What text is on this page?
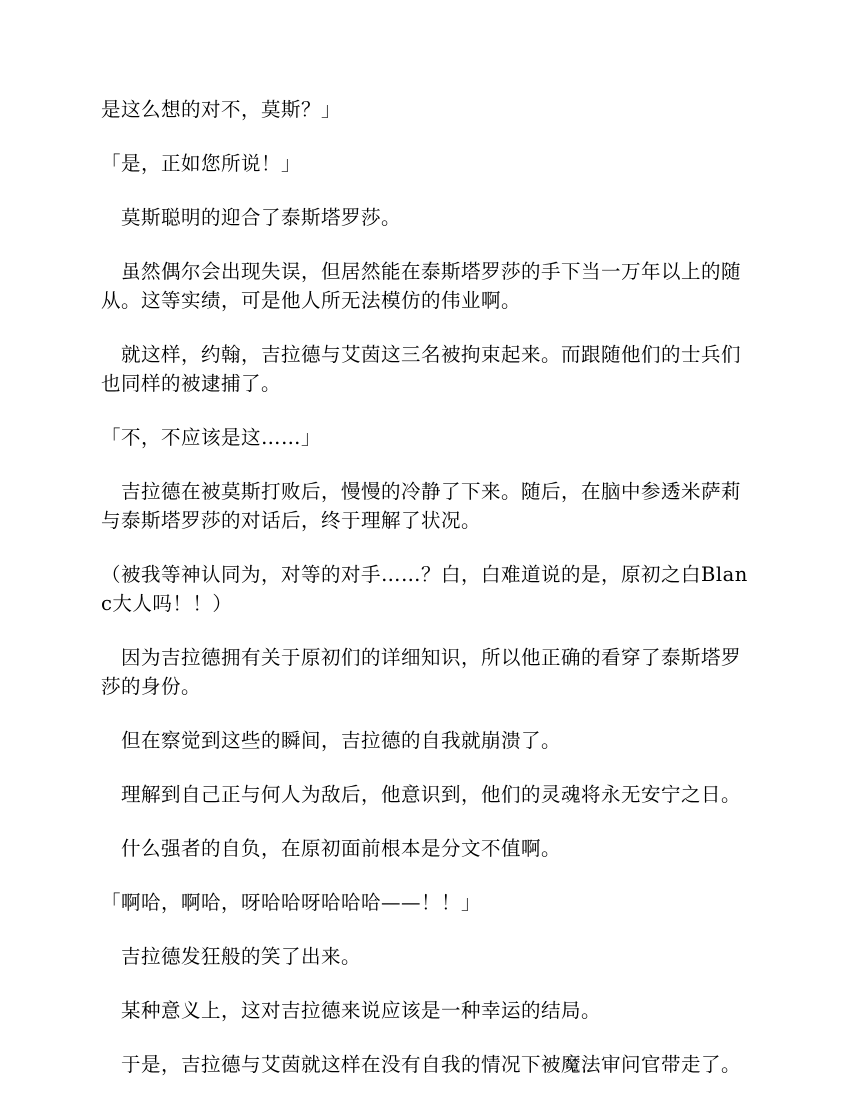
是这么想的对不，莫斯？」

「是，正如您所说！」

　莫斯聪明的迎合了泰斯塔罗莎。

　虽然偶尔会出现失误，但居然能在泰斯塔罗莎的手下当一万年以上的随从。这等实绩，可是他人所无法模仿的伟业啊。

　就这样，约翰，吉拉德与艾茵这三名被拘束起来。而跟随他们的士兵们也同样的被逮捕了。

「不，不应该是这……」

　吉拉德在被莫斯打败后，慢慢的冷静了下来。随后，在脑中参透米萨莉与泰斯塔罗莎的对话后，终于理解了状况。

（被我等神认同为，对等的对手……？白，白难道说的是，原初之白Blanc大人吗！！）

　因为吉拉德拥有关于原初们的详细知识，所以他正确的看穿了泰斯塔罗莎的身份。

　但在察觉到这些的瞬间，吉拉德的自我就崩溃了。

　理解到自己正与何人为敌后，他意识到，他们的灵魂将永无安宁之日。

　什么强者的自负，在原初面前根本是分文不值啊。

「啊哈，啊哈，呀哈哈呀哈哈哈——！！」

　吉拉德发狂般的笑了出来。

　某种意义上，这对吉拉德来说应该是一种幸运的结局。

　于是，吉拉德与艾茵就这样在没有自我的情况下被魔法审问官带走了。
